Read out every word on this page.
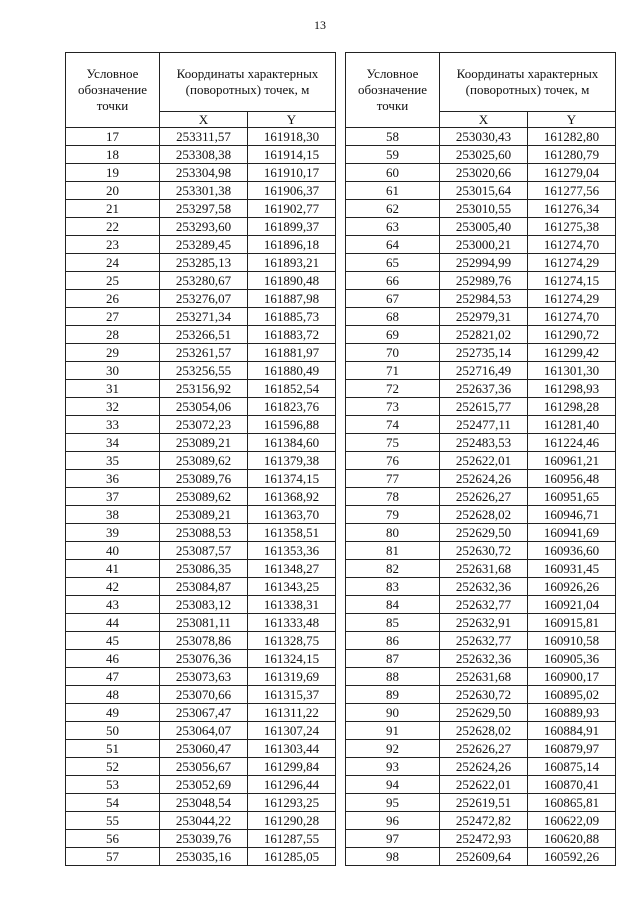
13
Условное обозначение точки	Координаты характерных (поворотных) точек, м	
	X	Y
17	253311,57	161918,30
18	253308,38	161914,15
19	253304,98	161910,17
20	253301,38	161906,37
21	253297,58	161902,77
22	253293,60	161899,37
23	253289,45	161896,18
24	253285,13	161893,21
25	253280,67	161890,48
26	253276,07	161887,98
27	253271,34	161885,73
28	253266,51	161883,72
29	253261,57	161881,97
30	253256,55	161880,49
31	253156,92	161852,54
32	253054,06	161823,76
33	253072,23	161596,88
34	253089,21	161384,60
35	253089,62	161379,38
36	253089,76	161374,15
37	253089,62	161368,92
38	253089,21	161363,70
39	253088,53	161358,51
40	253087,57	161353,36
41	253086,35	161348,27
42	253084,87	161343,25
43	253083,12	161338,31
44	253081,11	161333,48
45	253078,86	161328,75
46	253076,36	161324,15
47	253073,63	161319,69
48	253070,66	161315,37
49	253067,47	161311,22
50	253064,07	161307,24
51	253060,47	161303,44
52	253056,67	161299,84
53	253052,69	161296,44
54	253048,54	161293,25
55	253044,22	161290,28
56	253039,76	161287,55
57	253035,16	161285,05
Условное обозначение точки	Координаты характерных (поворотных) точек, м	
	X	Y
58	253030,43	161282,80
59	253025,60	161280,79
60	253020,66	161279,04
61	253015,64	161277,56
62	253010,55	161276,34
63	253005,40	161275,38
64	253000,21	161274,70
65	252994,99	161274,29
66	252989,76	161274,15
67	252984,53	161274,29
68	252979,31	161274,70
69	252821,02	161290,72
70	252735,14	161299,42
71	252716,49	161301,30
72	252637,36	161298,93
73	252615,77	161298,28
74	252477,11	161281,40
75	252483,53	161224,46
76	252622,01	160961,21
77	252624,26	160956,48
78	252626,27	160951,65
79	252628,02	160946,71
80	252629,50	160941,69
81	252630,72	160936,60
82	252631,68	160931,45
83	252632,36	160926,26
84	252632,77	160921,04
85	252632,91	160915,81
86	252632,77	160910,58
87	252632,36	160905,36
88	252631,68	160900,17
89	252630,72	160895,02
90	252629,50	160889,93
91	252628,02	160884,91
92	252626,27	160879,97
93	252624,26	160875,14
94	252622,01	160870,41
95	252619,51	160865,81
96	252472,82	160622,09
97	252472,93	160620,88
98	252609,64	160592,26
